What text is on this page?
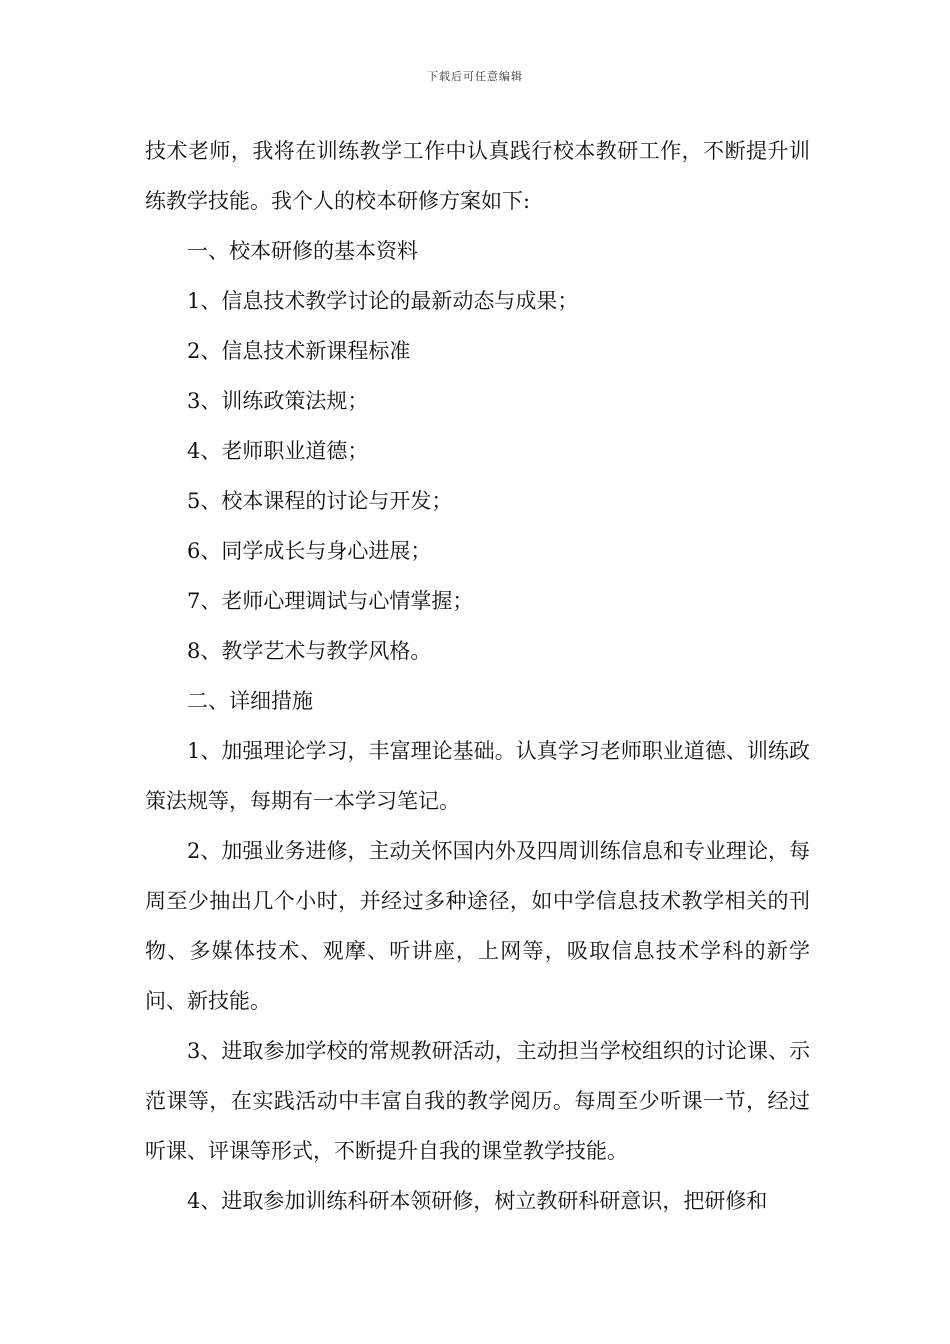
下载后可任意编辑

技术老师，我将在训练教学工作中认真践行校本教研工作，不断提升训练教学技能。我个人的校本研修方案如下:

一、校本研修的基本资料

1、信息技术教学讨论的最新动态与成果；

2、信息技术新课程标准

3、训练政策法规；

4、老师职业道德；

5、校本课程的讨论与开发；

6、同学成长与身心进展；

7、老师心理调试与心情掌握；

8、教学艺术与教学风格。

二、详细措施

1、加强理论学习，丰富理论基础。认真学习老师职业道德、训练政策法规等，每期有一本学习笔记。

2、加强业务进修，主动关怀国内外及四周训练信息和专业理论，每周至少抽出几个小时，并经过多种途径，如中学信息技术教学相关的刊物、多媒体技术、观摩、听讲座，上网等，吸取信息技术学科的新学问、新技能。

3、进取参加学校的常规教研活动，主动担当学校组织的讨论课、示范课等，在实践活动中丰富自我的教学阅历。每周至少听课一节，经过听课、评课等形式，不断提升自我的课堂教学技能。

4、进取参加训练科研本领研修，树立教研科研意识，把研修和
